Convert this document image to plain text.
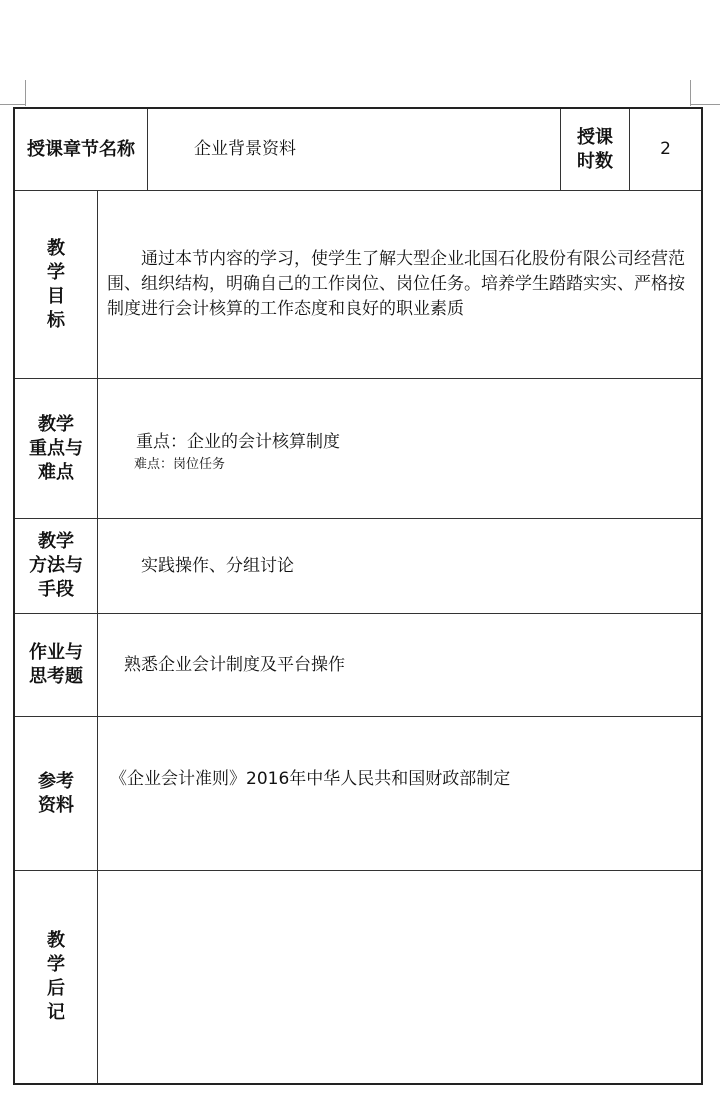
授课章节名称	企业背景资料
授课
时数
2
教
学
目
标

通过本节内容的学习，使学生了解大型企业北国石化股份有限公司经营范围、组织结构，明确自己的工作岗位、岗位任务。培养学生踏踏实实、严格按制度进行会计核算的工作态度和良好的职业素质

教学
重点与
难点
重点：企业的会计核算制度
难点：岗位任务
教学
方法与
手段
实践操作、分组讨论
作业与
思考题
熟悉企业会计制度及平台操作
参考
资料
《企业会计准则》2016年中华人民共和国财政部制定
教
学
后
记
